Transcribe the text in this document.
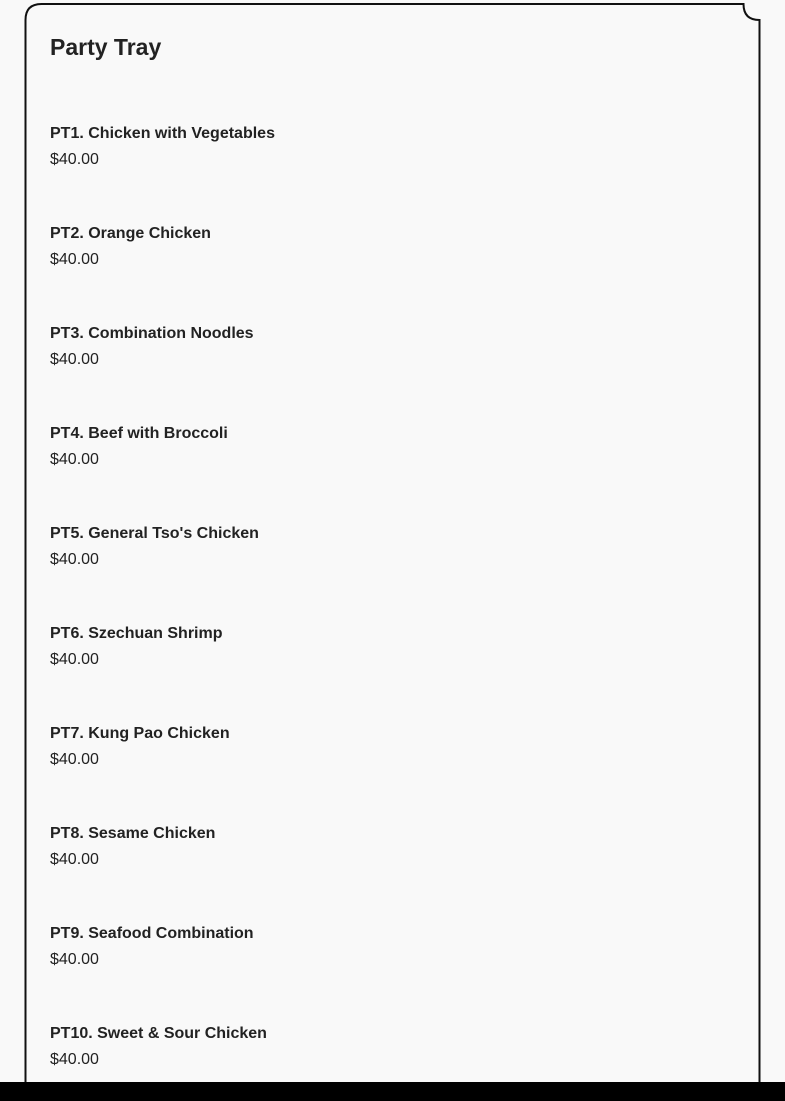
Party Tray
PT1. Chicken with Vegetables
$40.00
PT2. Orange Chicken
$40.00
PT3. Combination Noodles
$40.00
PT4. Beef with Broccoli
$40.00
PT5. General Tso's Chicken
$40.00
PT6. Szechuan Shrimp
$40.00
PT7. Kung Pao Chicken
$40.00
PT8. Sesame Chicken
$40.00
PT9. Seafood Combination
$40.00
PT10. Sweet & Sour Chicken
$40.00
